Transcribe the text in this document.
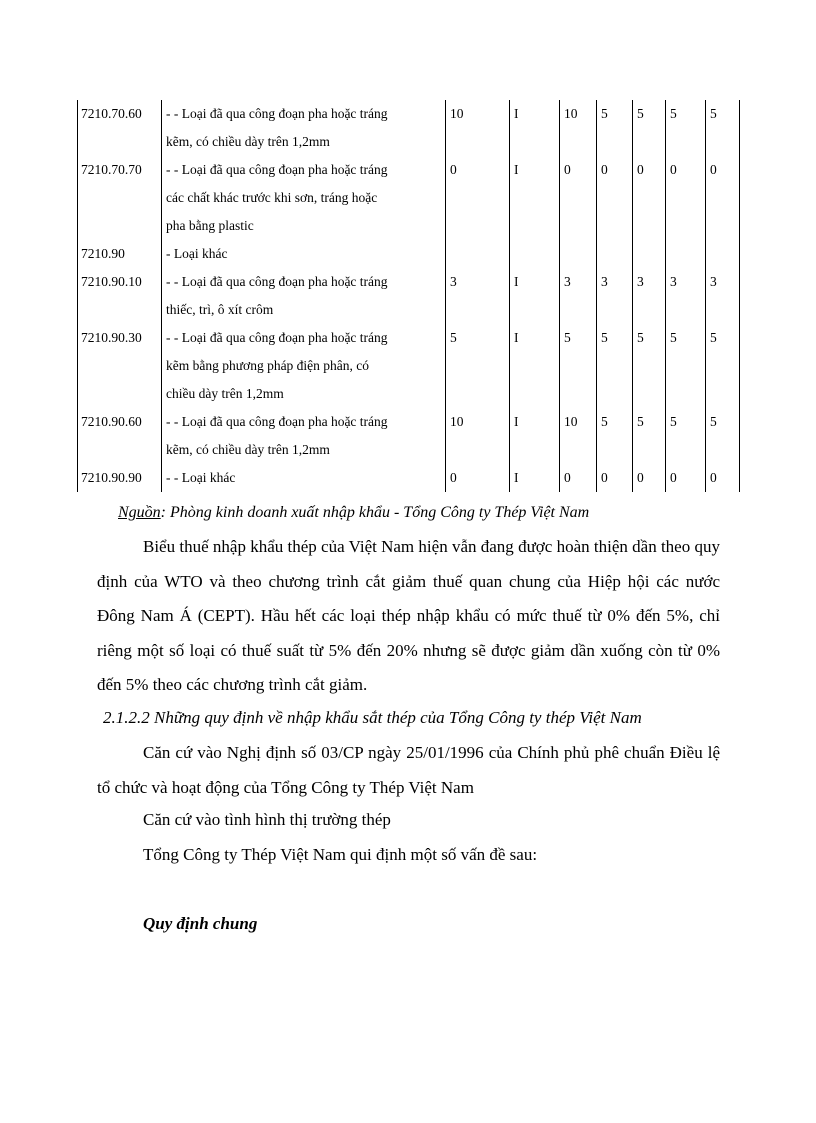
7210.70.60	- - Loại đã qua công đoạn pha hoặc tráng
kẽm, có chiều dày trên 1,2mm	10	I	10	5	5	5	5
7210.70.70	- - Loại đã qua công đoạn pha hoặc tráng
các chất khác trước khi sơn, tráng hoặc
pha bằng plastic	0	I	0	0	0	0	0
7210.90	- Loại khác							

7210.90.10	- - Loại đã qua công đoạn pha hoặc tráng
thiếc, trì, ô xít crôm	3	I	3	3	3	3	3
7210.90.30	- - Loại đã qua công đoạn pha hoặc tráng
kẽm bằng phương pháp điện phân, có
chiều dày trên 1,2mm	5	I	5	5	5	5	5
7210.90.60	- - Loại đã qua công đoạn pha hoặc tráng
kẽm, có chiều dày trên 1,2mm	10	I	10	5	5	5	5
7210.90.90	- - Loại khác	0	I	0	0	0	0	0
Nguồn: Phòng kinh doanh xuất nhập khẩu - Tổng Công ty Thép Việt Nam

Biểu thuế nhập khẩu thép của Việt Nam hiện vẫn đang được hoàn thiện dần theo quy định của WTO và theo chương trình cắt giảm thuế quan chung của Hiệp hội các nước Đông Nam Á (CEPT). Hầu hết các loại thép nhập khẩu có mức thuế từ 0% đến 5%, chỉ riêng một số loại có thuế suất từ 5% đến 20% nhưng sẽ được giảm dần xuống còn từ 0% đến 5% theo các chương trình cắt giảm.

2.1.2.2 Những quy định về nhập khẩu sắt thép của Tổng Công ty thép Việt Nam

Căn cứ vào Nghị định số 03/CP ngày 25/01/1996 của Chính phủ phê chuẩn Điều lệ tổ chức và hoạt động của Tổng Công ty Thép Việt Nam

Căn cứ vào tình hình thị trường thép
Tổng Công ty Thép Việt Nam qui định một số vấn đề sau:
Quy định chung
